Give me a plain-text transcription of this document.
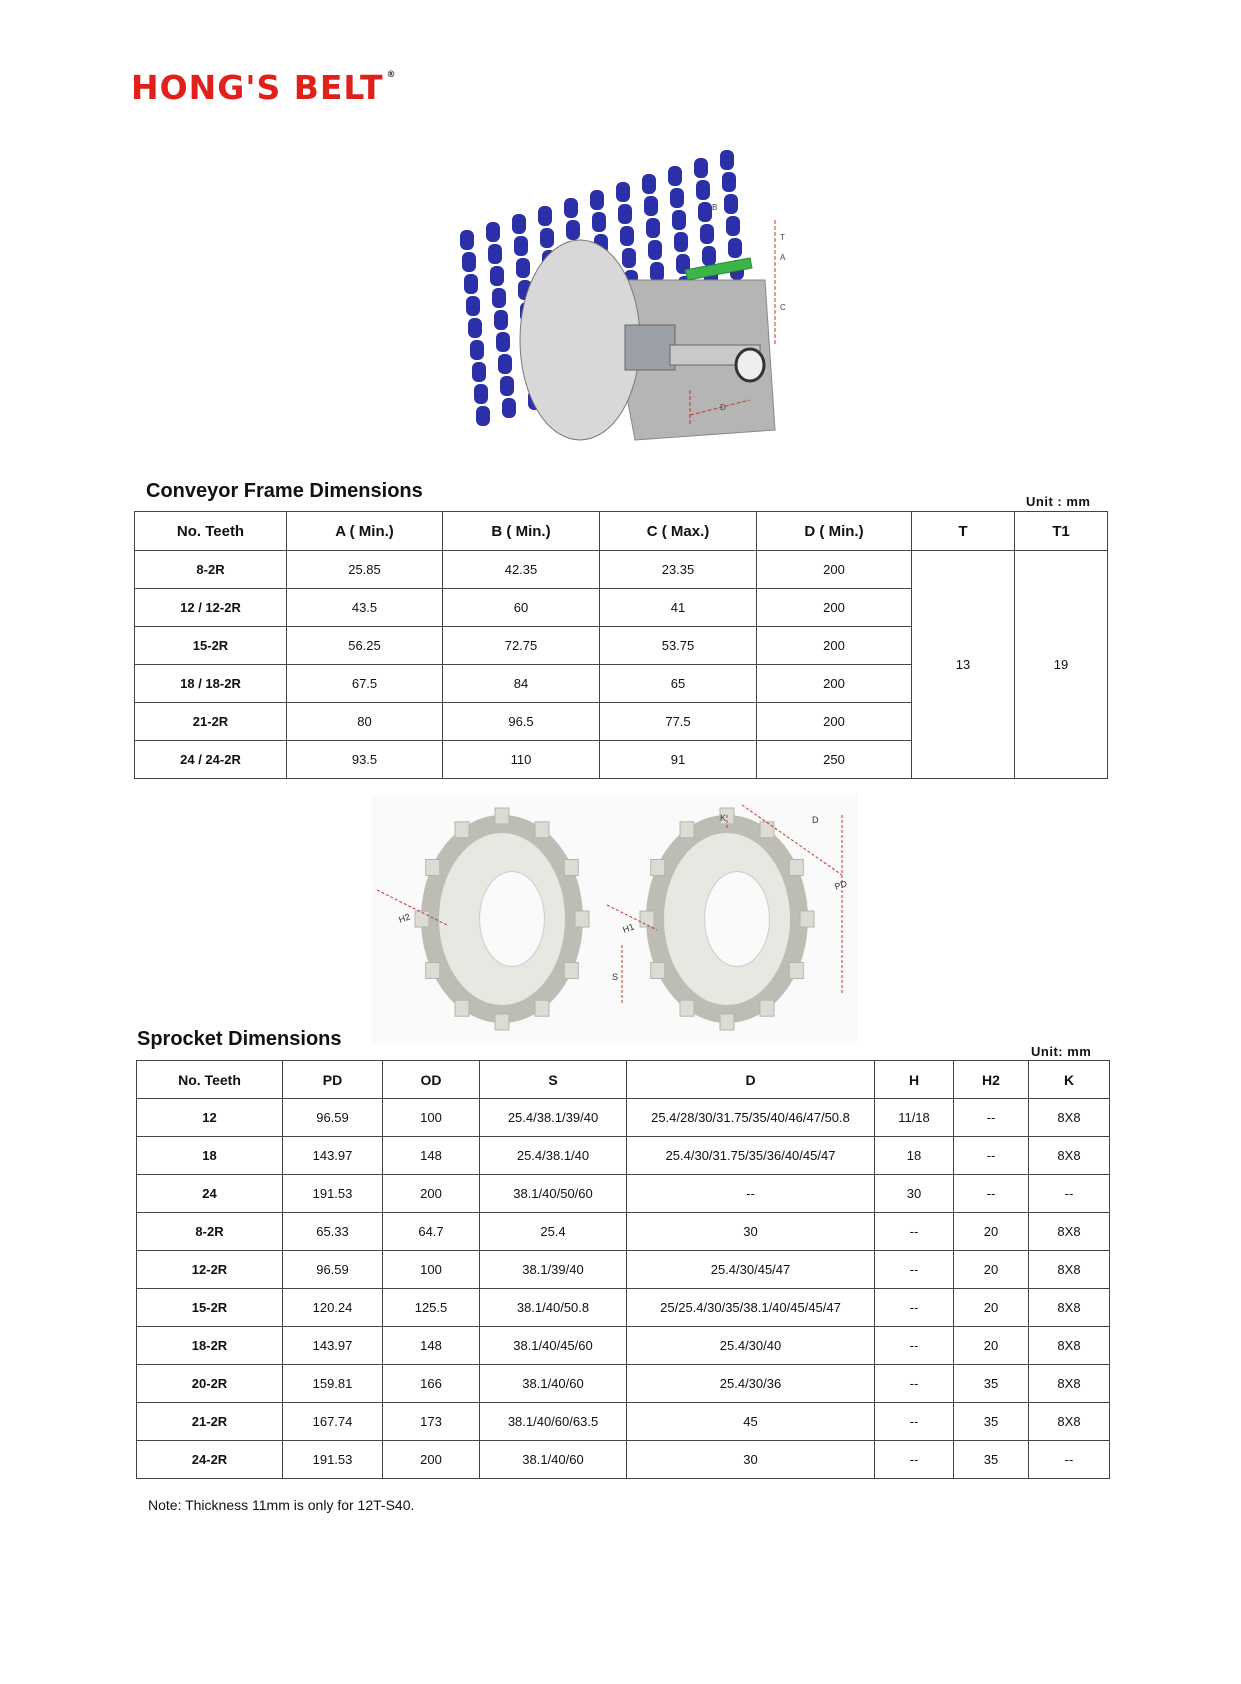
HONG'S BELT ®
T
A
C
T1
B
D
Conveyor Frame Dimensions	Unit : mm
No. Teeth	A ( Min.)	B ( Min.)	C ( Max.)	D ( Min.)	T	T1
8-2R	25.85	42.35	23.35	200	13	19
12 / 12-2R	43.5	60	41	200		
15-2R	56.25	72.75	53.75	200		
18 / 18-2R	67.5	84	65	200		
21-2R	80	96.5	77.5	200		
24 / 24-2R	93.5	110	91	250		
H2
H1
S
K	D
PD
Sprocket Dimensions
Unit: mm
No. Teeth	PD	OD	S	D	H	H2	K
12	96.59	100	25.4/38.1/39/40	25.4/28/30/31.75/35/40/46/47/50.8	11/18	--	8X8
18	143.97	148	25.4/38.1/40	25.4/30/31.75/35/36/40/45/47	18	--	8X8
24	191.53	200	38.1/40/50/60	--	30	--	--
8-2R	65.33	64.7	25.4	30	--	20	8X8
12-2R	96.59	100	38.1/39/40	25.4/30/45/47	--	20	8X8
15-2R	120.24	125.5	38.1/40/50.8	25/25.4/30/35/38.1/40/45/45/47	--	20	8X8
18-2R	143.97	148	38.1/40/45/60	25.4/30/40	--	20	8X8
20-2R	159.81	166	38.1/40/60	25.4/30/36	--	35	8X8
21-2R	167.74	173	38.1/40/60/63.5	45	--	35	8X8
24-2R	191.53	200	38.1/40/60	30	--	35	--
Note: Thickness 11mm is only for 12T-S40.
